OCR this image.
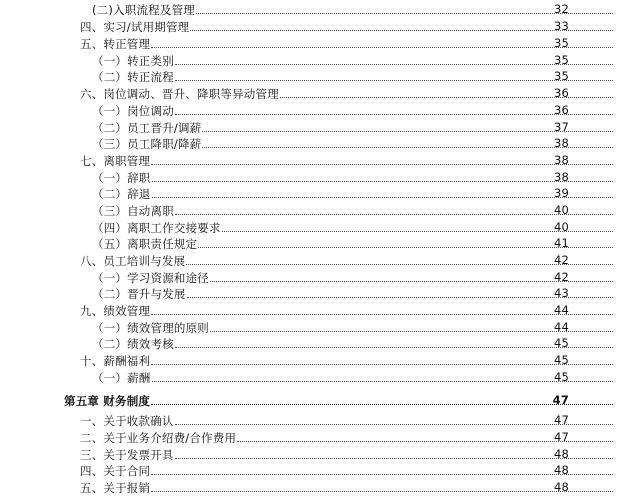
(二)入职流程及管理	32
四、实习/试用期管理	33
五、转正管理	35
（一）转正类别	35
（二）转正流程	35
六、岗位调动、晋升、降职等异动管理	36
（一）岗位调动	36
（二）员工晋升/调薪	37
（三）员工降职/降薪	38
七、离职管理	38
（一）辞职	38
（二）辞退	39
（三）自动离职	40
（四）离职工作交接要求	40
（五）离职责任规定	41
八、员工培训与发展	42
（一）学习资源和途径	42
（二）晋升与发展	43
九、绩效管理	44
（一）绩效管理的原则	44
（二）绩效考核	45
十、薪酬福利	45
（一）薪酬	45
第五章 财务制度	47
一、关于收款确认	47
二、关于业务介绍费/合作费用	47
三、关于发票开具	48
四、关于合同	48
五、关于报销	48
